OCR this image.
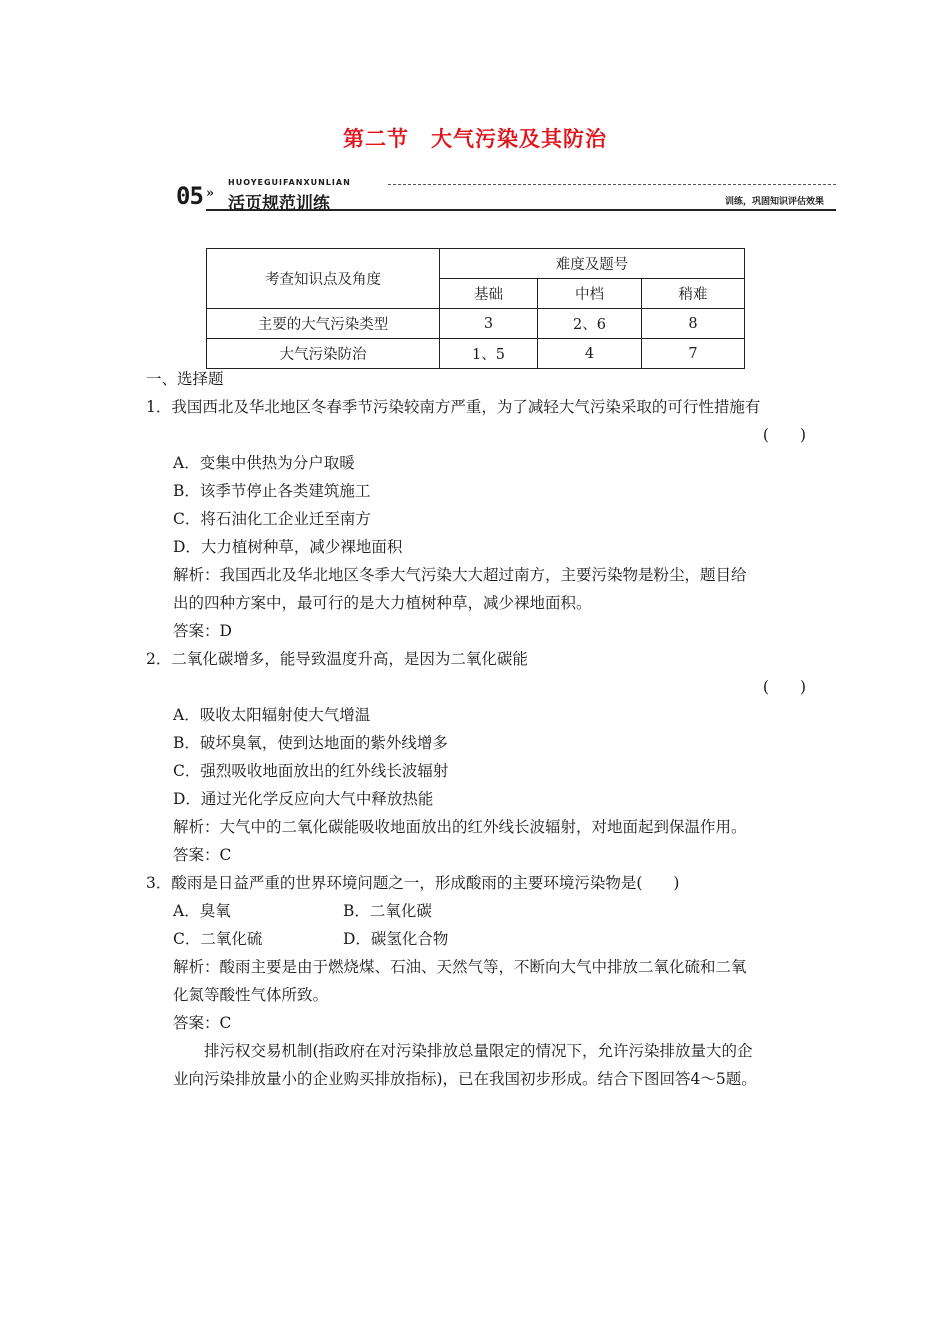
第二节　大气污染及其防治
05 »
HUOYEGUIFANXUNLIAN
活页规范训练	训练，巩固知识评估效果
考查知识点及角度	难度及题号		
	基础	中档	稍难
主要的大气污染类型	3	2、6	8
大气污染防治	1、5	4	7
一、选择题
1．我国西北及华北地区冬春季节污染较南方严重，为了减轻大气污染采取的可行性措施有
(　　)
A．变集中供热为分户取暖
B．该季节停止各类建筑施工
C．将石油化工企业迁至南方
D．大力植树种草，减少裸地面积
解析：我国西北及华北地区冬季大气污染大大超过南方，主要污染物是粉尘，题目给
出的四种方案中，最可行的是大力植树种草，减少裸地面积。
答案：D
2．二氧化碳增多，能导致温度升高，是因为二氧化碳能
(　　)
A．吸收太阳辐射使大气增温
B．破坏臭氧，使到达地面的紫外线增多
C．强烈吸收地面放出的红外线长波辐射
D．通过光化学反应向大气中释放热能
解析：大气中的二氧化碳能吸收地面放出的红外线长波辐射，对地面起到保温作用。
答案：C
3．酸雨是日益严重的世界环境问题之一，形成酸雨的主要环境污染物是(　　)
A．臭氧	B．二氧化碳
C．二氧化硫	D．碳氢化合物
解析：酸雨主要是由于燃烧煤、石油、天然气等，不断向大气中排放二氧化硫和二氧
化氮等酸性气体所致。
答案：C
排污权交易机制(指政府在对污染排放总量限定的情况下，允许污染排放量大的企
业向污染排放量小的企业购买排放指标)，已在我国初步形成。结合下图回答4～5题。
